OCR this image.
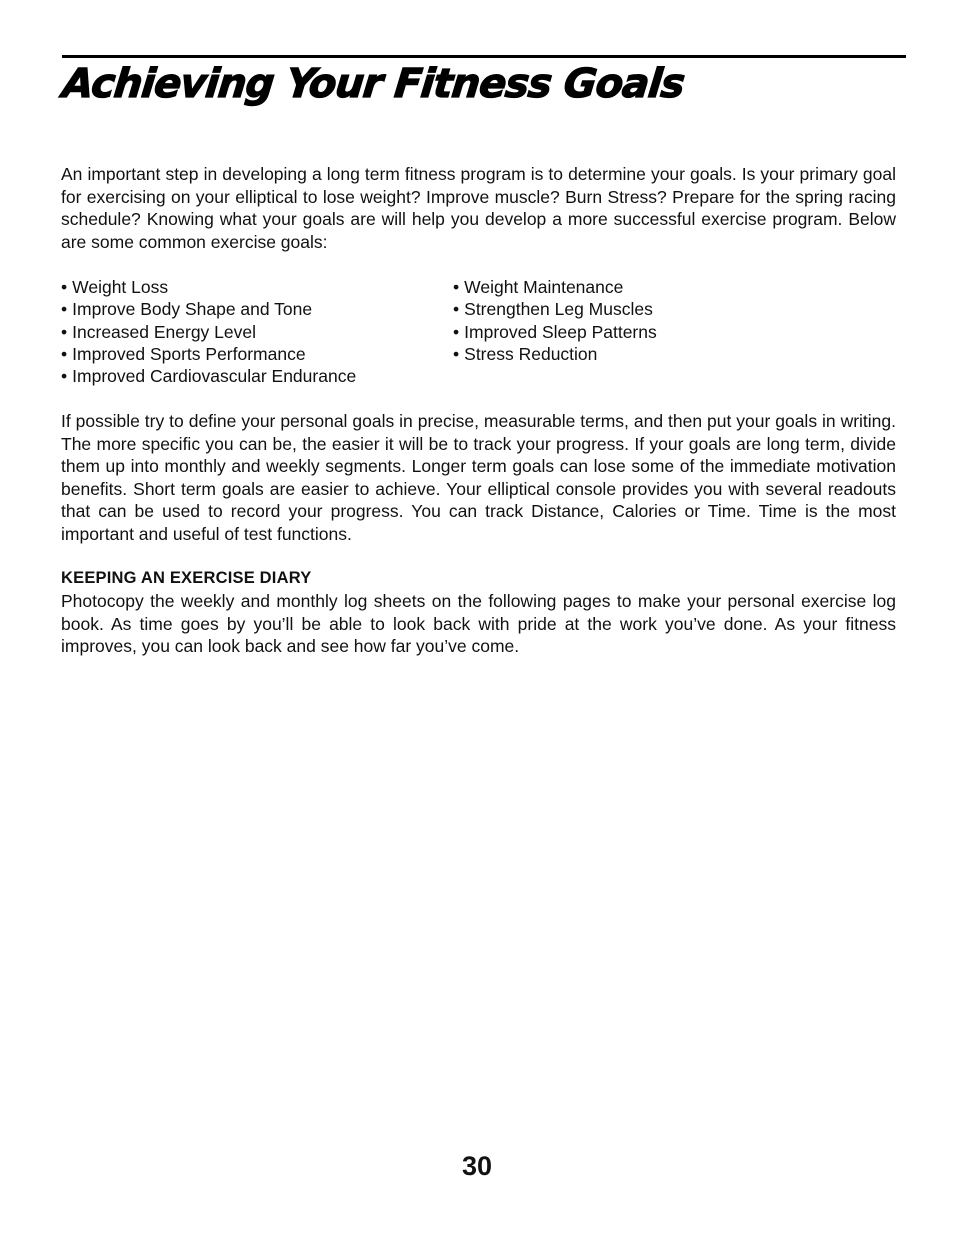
Achieving Your Fitness Goals

An important step in developing a long term fitness program is to determine your goals. Is your primary goal for exercising on your elliptical to lose weight? Improve muscle? Burn Stress? Prepare for the spring racing schedule? Knowing what your goals are will help you develop a more successful exercise program. Below are some common exercise goals:

• Weight Loss
• Improve Body Shape and Tone
• Increased Energy Level
• Improved Sports Performance
• Improved Cardiovascular Endurance
• Weight Maintenance
• Strengthen Leg Muscles
• Improved Sleep Patterns
• Stress Reduction

If possible try to define your personal goals in precise, measurable terms, and then put your goals in writing. The more specific you can be, the easier it will be to track your progress. If your goals are long term, divide them up into monthly and weekly segments. Longer term goals can lose some of the immediate motivation benefits. Short term goals are easier to achieve. Your elliptical console provides you with several readouts that can be used to record your progress. You can track Distance, Calories or Time. Time is the most important and useful of test functions.

KEEPING AN EXERCISE DIARY

Photocopy the weekly and monthly log sheets on the following pages to make your personal exercise log book. As time goes by you’ll be able to look back with pride at the work you’ve done. As your fitness improves, you can look back and see how far you’ve come.

30
